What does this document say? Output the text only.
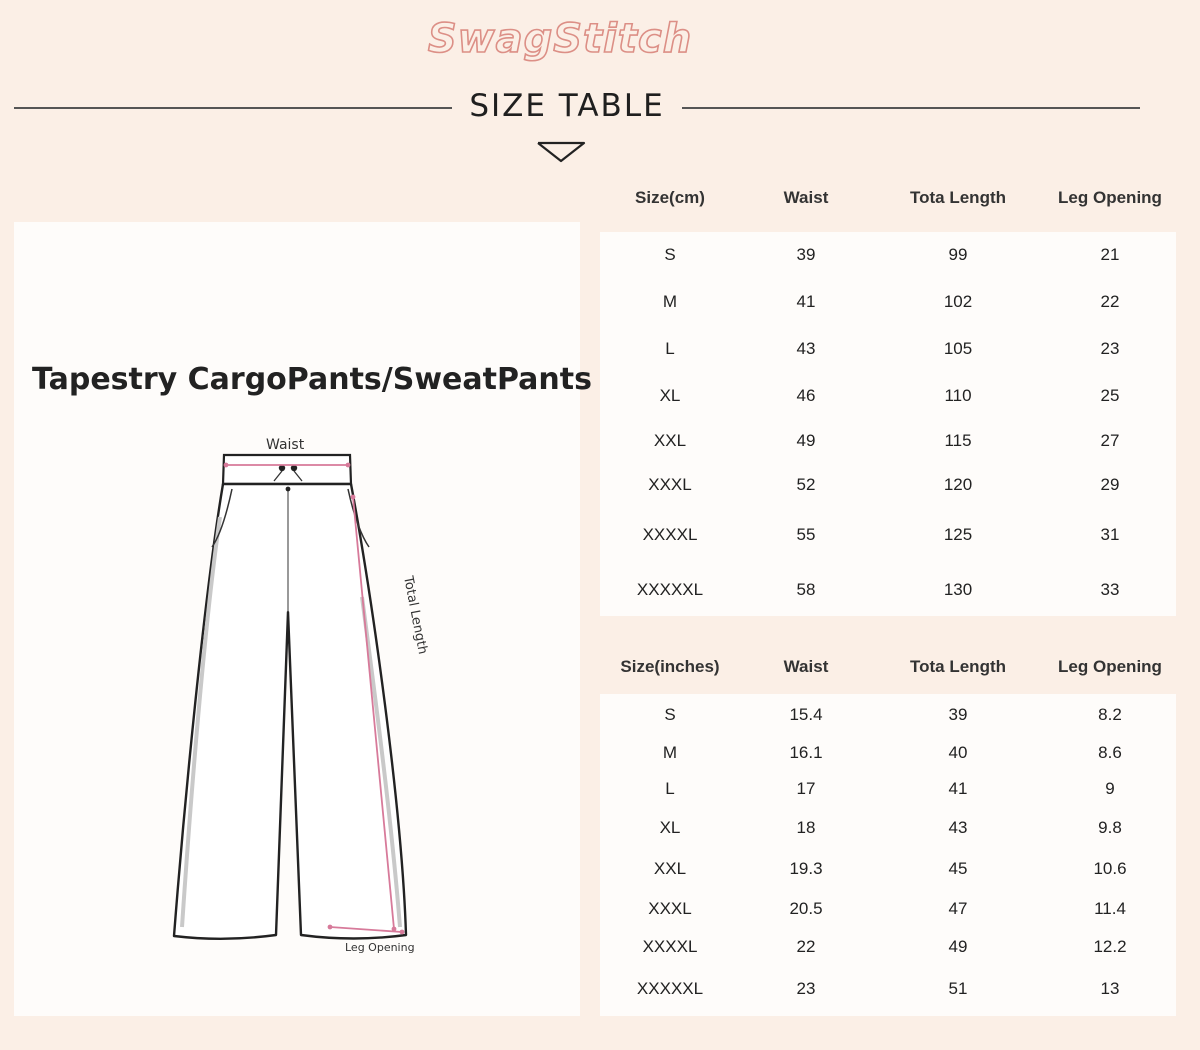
SwagStitch
SIZE TABLE
Tapestry CargoPants/SweatPants
Waist
Total Length
Leg Opening
Size(cm)	Waist	Tota Length	Leg Opening
S	39	99	21
M	41	102	22
L	43	105	23
XL	46	110	25
XXL	49	115	27
XXXL	52	120	29
XXXXL	55	125	31
XXXXXL	58	130	33
Size(inches)	Waist	Tota Length	Leg Opening
S	15.4	39	8.2
M	16.1	40	8.6
L	17	41	9
XL	18	43	9.8
XXL	19.3	45	10.6
XXXL	20.5	47	11.4
XXXXL	22	49	12.2
XXXXXL	23	51	13
